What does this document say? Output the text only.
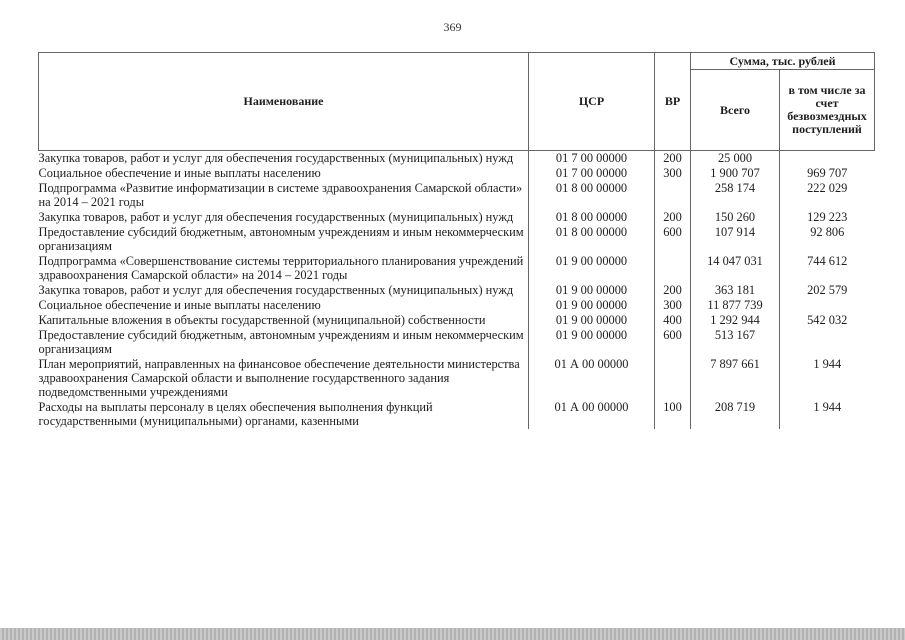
369
Наименование	ЦСР	ВР	Сумма, тыс. рублей	
			Всего	в том числе за счет безвозмездных поступлений
Закупка товаров, работ и услуг для обеспечения государственных (муниципальных) нужд	01 7 00 00000	200	25 000	
Социальное обеспечение и иные выплаты населению	01 7 00 00000	300	1 900 707	969 707
Подпрограмма «Развитие информатизации в системе здравоохранения Самарской области» на 2014 – 2021 годы	01 8 00 00000		258 174	222 029
Закупка товаров, работ и услуг для обеспечения государственных (муниципальных) нужд	01 8 00 00000	200	150 260	129 223
Предоставление субсидий бюджетным, автономным учреждениям и иным некоммерческим организациям	01 8 00 00000	600	107 914	92 806
Подпрограмма «Совершенствование системы территориального планирования учреждений здравоохранения Самарской области» на 2014 – 2021 годы	01 9 00 00000		14 047 031	744 612
Закупка товаров, работ и услуг для обеспечения государственных (муниципальных) нужд	01 9 00 00000	200	363 181	202 579
Социальное обеспечение и иные выплаты населению	01 9 00 00000	300	11 877 739	
Капитальные вложения в объекты государственной (муниципальной) собственности	01 9 00 00000	400	1 292 944	542 032
Предоставление субсидий бюджетным, автономным учреждениям и иным некоммерческим организациям	01 9 00 00000	600	513 167	
План мероприятий, направленных на финансовое обеспечение деятельности министерства здравоохранения Самарской области и выполнение государственного задания подведомственными учреждениями	01 А 00 00000		7 897 661	1 944
Расходы на выплаты персоналу в целях обеспечения выполнения функций государственными (муниципальными) органами, казенными	01 А 00 00000	100	208 719	1 944
